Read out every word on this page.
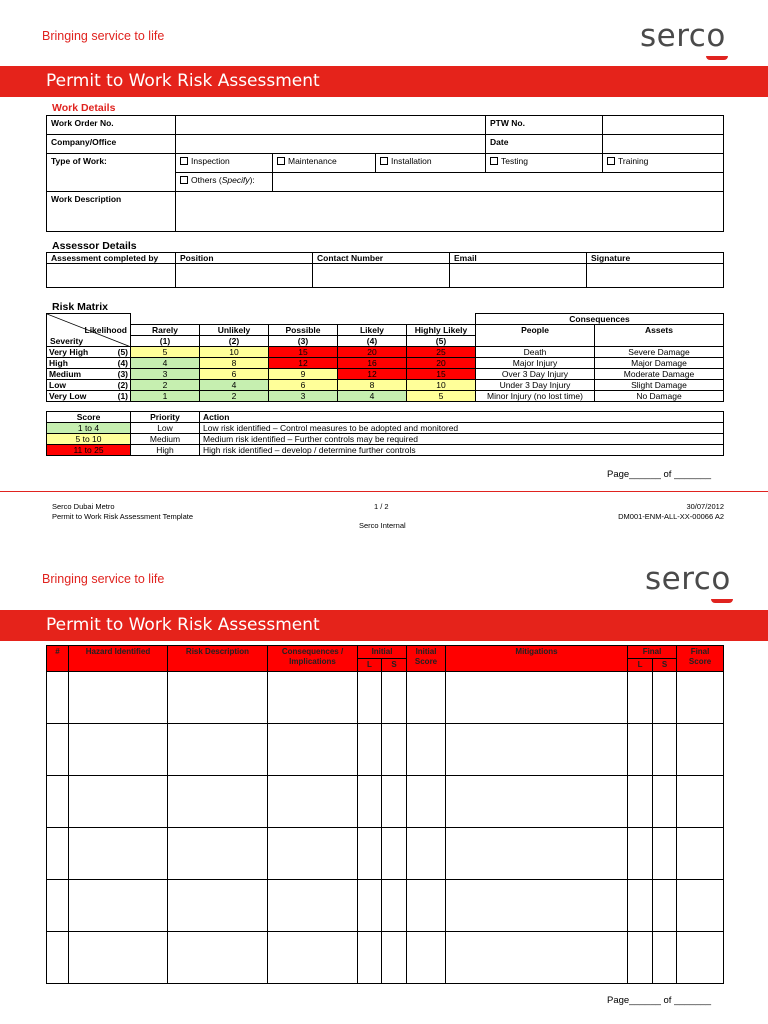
Bringing service to life	serco
Permit to Work Risk Assessment
Work Details
Work Order No.				PTW No.	
Company/Office				Date	
Type of Work:	Inspection	Maintenance	Installation	Testing	Training
	Others (Specify):				
Work Description					
Assessor Details
Assessment completed by	Position	Contact Number	Email	Signature

Risk Matrix
Likelihood
Severity						Consequences	
	Rarely	Unlikely	Possible	Likely	Highly Likely	People	Assets
	(1)	(2)	(3)	(4)	(5)		
Very High (5)	5	10	15	20	25	Death	Severe Damage
High (4)	4	8	12	16	20	Major Injury	Major Damage
Medium (3)	3	6	9	12	15	Over 3 Day Injury	Moderate Damage
Low (2)	2	4	6	8	10	Under 3 Day Injury	Slight Damage
Very Low (1)	1	2	3	4	5	Minor Injury (no lost time)	No Damage
Score	Priority	Action
1 to 4	Low	Low risk identified – Control measures to be adopted and monitored
5 to 10	Medium	Medium risk identified – Further controls may be required
11 to 25	High	High risk identified – develop / determine further controls
Page______ of _______
Serco Dubai Metro
Permit to Work Risk Assessment Template
1 / 2
Serco Internal
30/07/2012
DM001-ENM-ALL-XX-00066 A2
Bringing service to life	serco
Permit to Work Risk Assessment
#	Hazard Identified	Risk Description	Consequences / Implications	Initial		Initial Score	Mitigations	Final		Final Score
				L	S			L	S	

Page______ of _______
